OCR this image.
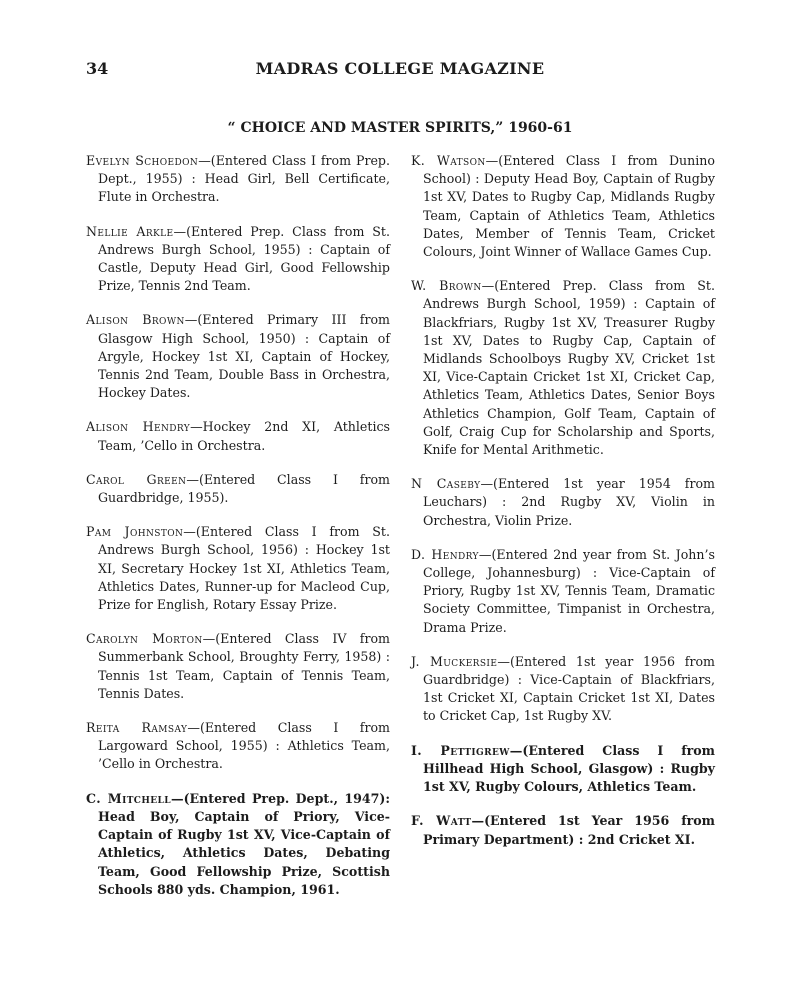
34	MADRAS COLLEGE MAGAZINE
“ CHOICE AND MASTER SPIRITS,” 1960-61

Evelyn Schoedon—(Entered Class I from Prep. Dept., 1955) : Head Girl, Bell Certificate, Flute in Orchestra.

Nellie Arkle—(Entered Prep. Class from St. Andrews Burgh School, 1955) : Captain of Castle, Deputy Head Girl, Good Fellowship Prize, Tennis 2nd Team.

Alison Brown—(Entered Primary III from Glasgow High School, 1950) : Captain of Argyle, Hockey 1st XI, Captain of Hockey, Tennis 2nd Team, Double Bass in Orchestra, Hockey Dates.

Alison Hendry—Hockey 2nd XI, Athletics Team, ’Cello in Orchestra.

Carol Green—(Entered Class I from Guardbridge, 1955).

Pam Johnston—(Entered Class I from St. Andrews Burgh School, 1956) : Hockey 1st XI, Secretary Hockey 1st XI, Athletics Team, Athletics Dates, Runner-up for Macleod Cup, Prize for English, Rotary Essay Prize.

Carolyn Morton—(Entered Class IV from Summerbank School, Broughty Ferry, 1958) : Tennis 1st Team, Captain of Tennis Team, Tennis Dates.

Reita Ramsay—(Entered Class I from Largoward School, 1955) : Athletics Team, ’Cello in Orchestra.

C. Mitchell—(Entered Prep. Dept., 1947): Head Boy, Captain of Priory, Vice-Captain of Rugby 1st XV, Vice-Captain of Athletics, Athletics Dates, Debating Team, Good Fellowship Prize, Scottish Schools 880 yds. Champion, 1961.

K. Watson—(Entered Class I from Dunino School) : Deputy Head Boy, Captain of Rugby 1st XV, Dates to Rugby Cap, Midlands Rugby Team, Captain of Athletics Team, Athletics Dates, Member of Tennis Team, Cricket Colours, Joint Winner of Wallace Games Cup.

W. Brown—(Entered Prep. Class from St. Andrews Burgh School, 1959) : Captain of Blackfriars, Rugby 1st XV, Treasurer Rugby 1st XV, Dates to Rugby Cap, Captain of Midlands Schoolboys Rugby XV, Cricket 1st XI, Vice-Captain Cricket 1st XI, Cricket Cap, Athletics Team, Athletics Dates, Senior Boys Athletics Champion, Golf Team, Captain of Golf, Craig Cup for Scholarship and Sports, Knife for Mental Arithmetic.

N Caseby—(Entered 1st year 1954 from Leuchars) : 2nd Rugby XV, Violin in Orchestra, Violin Prize.

D. Hendry—(Entered 2nd year from St. John’s College, Johannesburg) : Vice-Captain of Priory, Rugby 1st XV, Tennis Team, Dramatic Society Committee, Timpanist in Orchestra, Drama Prize.

J. Muckersie—(Entered 1st year 1956 from Guardbridge) : Vice-Captain of Blackfriars, 1st Cricket XI, Captain Cricket 1st XI, Dates to Cricket Cap, 1st Rugby XV.

I. Pettigrew—(Entered Class I from Hillhead High School, Glasgow) : Rugby 1st XV, Rugby Colours, Athletics Team.

F. Watt—(Entered 1st Year 1956 from Primary Department) : 2nd Cricket XI.
